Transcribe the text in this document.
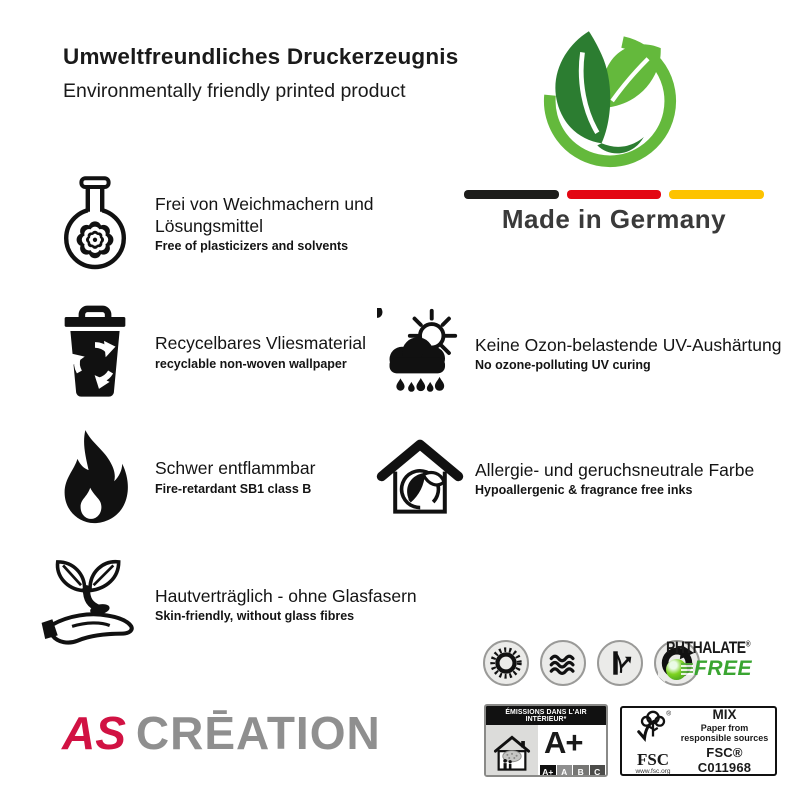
Umweltfreundliches Druckerzeugnis
Environmentally friendly printed product
Made in Germany
Frei von Weichmachern und Lösungsmittel
Free of plasticizers and solvents
Recycelbares Vliesmaterial
recyclable non-woven wallpaper
Schwer entflammbar
Fire-retardant SB1 class B
Hautverträglich - ohne Glasfasern
Skin-friendly, without glass fibres
Keine Ozon-belastende UV-Aushärtung
No ozone-polluting UV curing
Allergie- und geruchsneutrale Farbe
Hypoallergenic & fragrance free inks
AS CRĒATION
PHTHALATE®
FREE
ÉMISSIONS DANS L'AIR INTÉRIEUR*
A+
A+ A	B	C
®
FSC
www.fsc.org
MIX
Paper from
responsible sources
FSC® C011968
